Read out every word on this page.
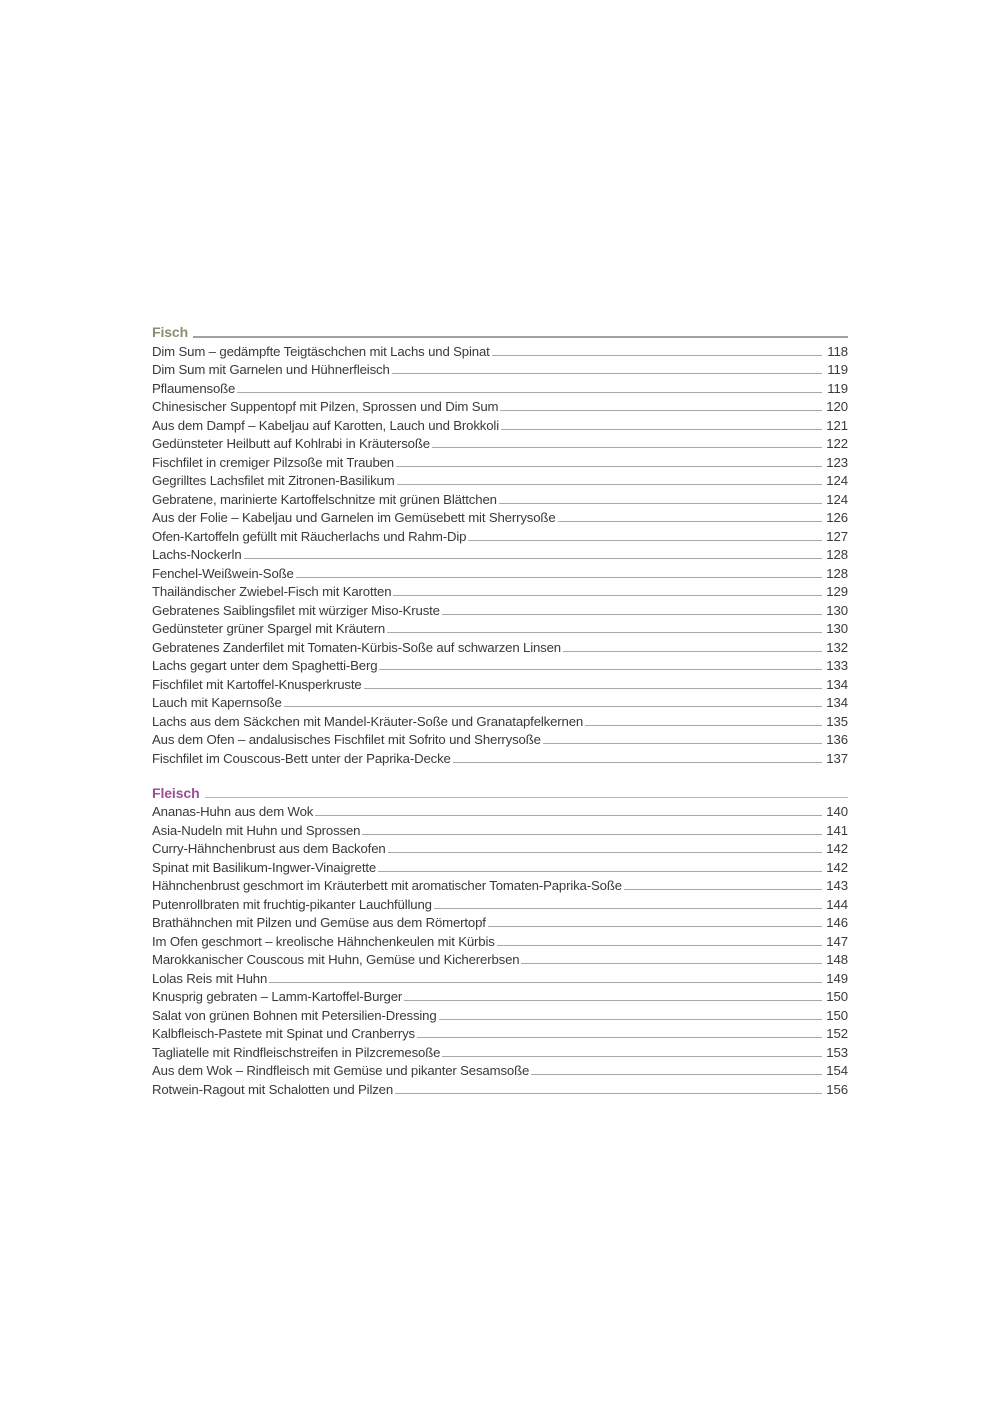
Fisch
Dim Sum – gedämpfte Teigtäschchen mit Lachs und Spinat	118
Dim Sum mit Garnelen und Hühnerfleisch	119
Pflaumensoße	119
Chinesischer Suppentopf mit Pilzen, Sprossen und Dim Sum	120
Aus dem Dampf – Kabeljau auf Karotten, Lauch und Brokkoli	121
Gedünsteter Heilbutt auf Kohlrabi in Kräutersoße	122
Fischfilet in cremiger Pilzsoße mit Trauben	123
Gegrilltes Lachsfilet mit Zitronen-Basilikum	124
Gebratene, marinierte Kartoffelschnitze mit grünen Blättchen	124
Aus der Folie – Kabeljau und Garnelen im Gemüsebett mit Sherrysoße	126
Ofen-Kartoffeln gefüllt mit Räucherlachs und Rahm-Dip	127
Lachs-Nockerln	128
Fenchel-Weißwein-Soße	128
Thailändischer Zwiebel-Fisch mit Karotten	129
Gebratenes Saiblingsfilet mit würziger Miso-Kruste	130
Gedünsteter grüner Spargel mit Kräutern	130
Gebratenes Zanderfilet mit Tomaten-Kürbis-Soße auf schwarzen Linsen	132
Lachs gegart unter dem Spaghetti-Berg	133
Fischfilet mit Kartoffel-Knusperkruste	134
Lauch mit Kapernsoße	134
Lachs aus dem Säckchen mit Mandel-Kräuter-Soße und Granatapfelkernen	135
Aus dem Ofen – andalusisches Fischfilet mit Sofrito und Sherrysoße	136
Fischfilet im Couscous-Bett unter der Paprika-Decke	137
Fleisch
Ananas-Huhn aus dem Wok	140
Asia-Nudeln mit Huhn und Sprossen	141
Curry-Hähnchenbrust aus dem Backofen	142
Spinat mit Basilikum-Ingwer-Vinaigrette	142
Hähnchenbrust geschmort im Kräuterbett mit aromatischer Tomaten-Paprika-Soße	143
Putenrollbraten mit fruchtig-pikanter Lauchfüllung	144
Brathähnchen mit Pilzen und Gemüse aus dem Römertopf	146
Im Ofen geschmort – kreolische Hähnchenkeulen mit Kürbis	147
Marokkanischer Couscous mit Huhn, Gemüse und Kichererbsen	148
Lolas Reis mit Huhn	149
Knusprig gebraten – Lamm-Kartoffel-Burger	150
Salat von grünen Bohnen mit Petersilien-Dressing	150
Kalbfleisch-Pastete mit Spinat und Cranberrys	152
Tagliatelle mit Rindfleischstreifen in Pilzcremesoße	153
Aus dem Wok – Rindfleisch mit Gemüse und pikanter Sesamsoße	154
Rotwein-Ragout mit Schalotten und Pilzen	156
